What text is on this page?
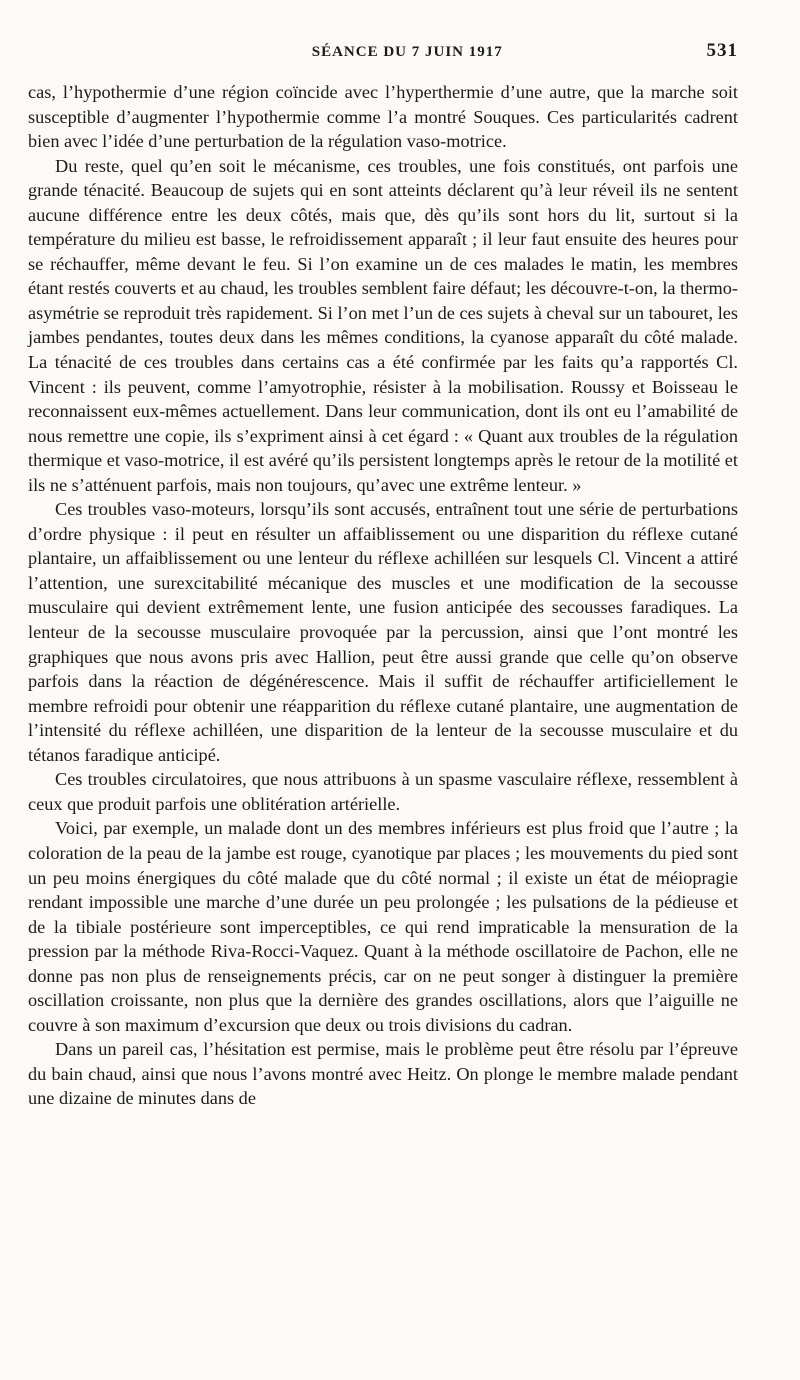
SÉANCE DU 7 JUIN 1917	531

cas, l’hypothermie d’une région coïncide avec l’hyperthermie d’une autre, que la marche soit susceptible d’augmenter l’hypothermie comme l’a montré Souques. Ces particularités cadrent bien avec l’idée d’une perturbation de la régulation vaso-motrice.

Du reste, quel qu’en soit le mécanisme, ces troubles, une fois constitués, ont parfois une grande ténacité. Beaucoup de sujets qui en sont atteints déclarent qu’à leur réveil ils ne sentent aucune différence entre les deux côtés, mais que, dès qu’ils sont hors du lit, surtout si la température du milieu est basse, le refroidissement apparaît ; il leur faut ensuite des heures pour se réchauffer, même devant le feu. Si l’on examine un de ces malades le matin, les membres étant restés couverts et au chaud, les troubles semblent faire défaut; les découvre-t-on, la thermo-asymétrie se reproduit très rapidement. Si l’on met l’un de ces sujets à cheval sur un tabouret, les jambes pendantes, toutes deux dans les mêmes conditions, la cyanose apparaît du côté malade. La ténacité de ces troubles dans certains cas a été confirmée par les faits qu’a rapportés Cl. Vincent : ils peuvent, comme l’amyotrophie, résister à la mobilisation. Roussy et Boisseau le reconnaissent eux-mêmes actuellement. Dans leur communication, dont ils ont eu l’amabilité de nous remettre une copie, ils s’expriment ainsi à cet égard : « Quant aux troubles de la régulation thermique et vaso-motrice, il est avéré qu’ils persistent longtemps après le retour de la motilité et ils ne s’atténuent parfois, mais non toujours, qu’avec une extrême lenteur. »

Ces troubles vaso-moteurs, lorsqu’ils sont accusés, entraînent tout une série de perturbations d’ordre physique : il peut en résulter un affaiblissement ou une disparition du réflexe cutané plantaire, un affaiblissement ou une lenteur du réflexe achilléen sur lesquels Cl. Vincent a attiré l’attention, une surexcitabilité mécanique des muscles et une modification de la secousse musculaire qui devient extrêmement lente, une fusion anticipée des secousses faradiques. La lenteur de la secousse musculaire provoquée par la percussion, ainsi que l’ont montré les graphiques que nous avons pris avec Hallion, peut être aussi grande que celle qu’on observe parfois dans la réaction de dégénérescence. Mais il suffit de réchauffer artificiellement le membre refroidi pour obtenir une réapparition du réflexe cutané plantaire, une augmentation de l’intensité du réflexe achilléen, une disparition de la lenteur de la secousse musculaire et du tétanos faradique anticipé.

Ces troubles circulatoires, que nous attribuons à un spasme vasculaire réflexe, ressemblent à ceux que produit parfois une oblitération artérielle.

Voici, par exemple, un malade dont un des membres inférieurs est plus froid que l’autre ; la coloration de la peau de la jambe est rouge, cyanotique par places ; les mouvements du pied sont un peu moins énergiques du côté malade que du côté normal ; il existe un état de méiopragie rendant impossible une marche d’une durée un peu prolongée ; les pulsations de la pédieuse et de la tibiale postérieure sont imperceptibles, ce qui rend impraticable la mensuration de la pression par la méthode Riva-Rocci-Vaquez. Quant à la méthode oscillatoire de Pachon, elle ne donne pas non plus de renseignements précis, car on ne peut songer à distinguer la première oscillation croissante, non plus que la dernière des grandes oscillations, alors que l’aiguille ne couvre à son maximum d’excursion que deux ou trois divisions du cadran.

Dans un pareil cas, l’hésitation est permise, mais le problème peut être résolu par l’épreuve du bain chaud, ainsi que nous l’avons montré avec Heitz. On plonge le membre malade pendant une dizaine de minutes dans de
